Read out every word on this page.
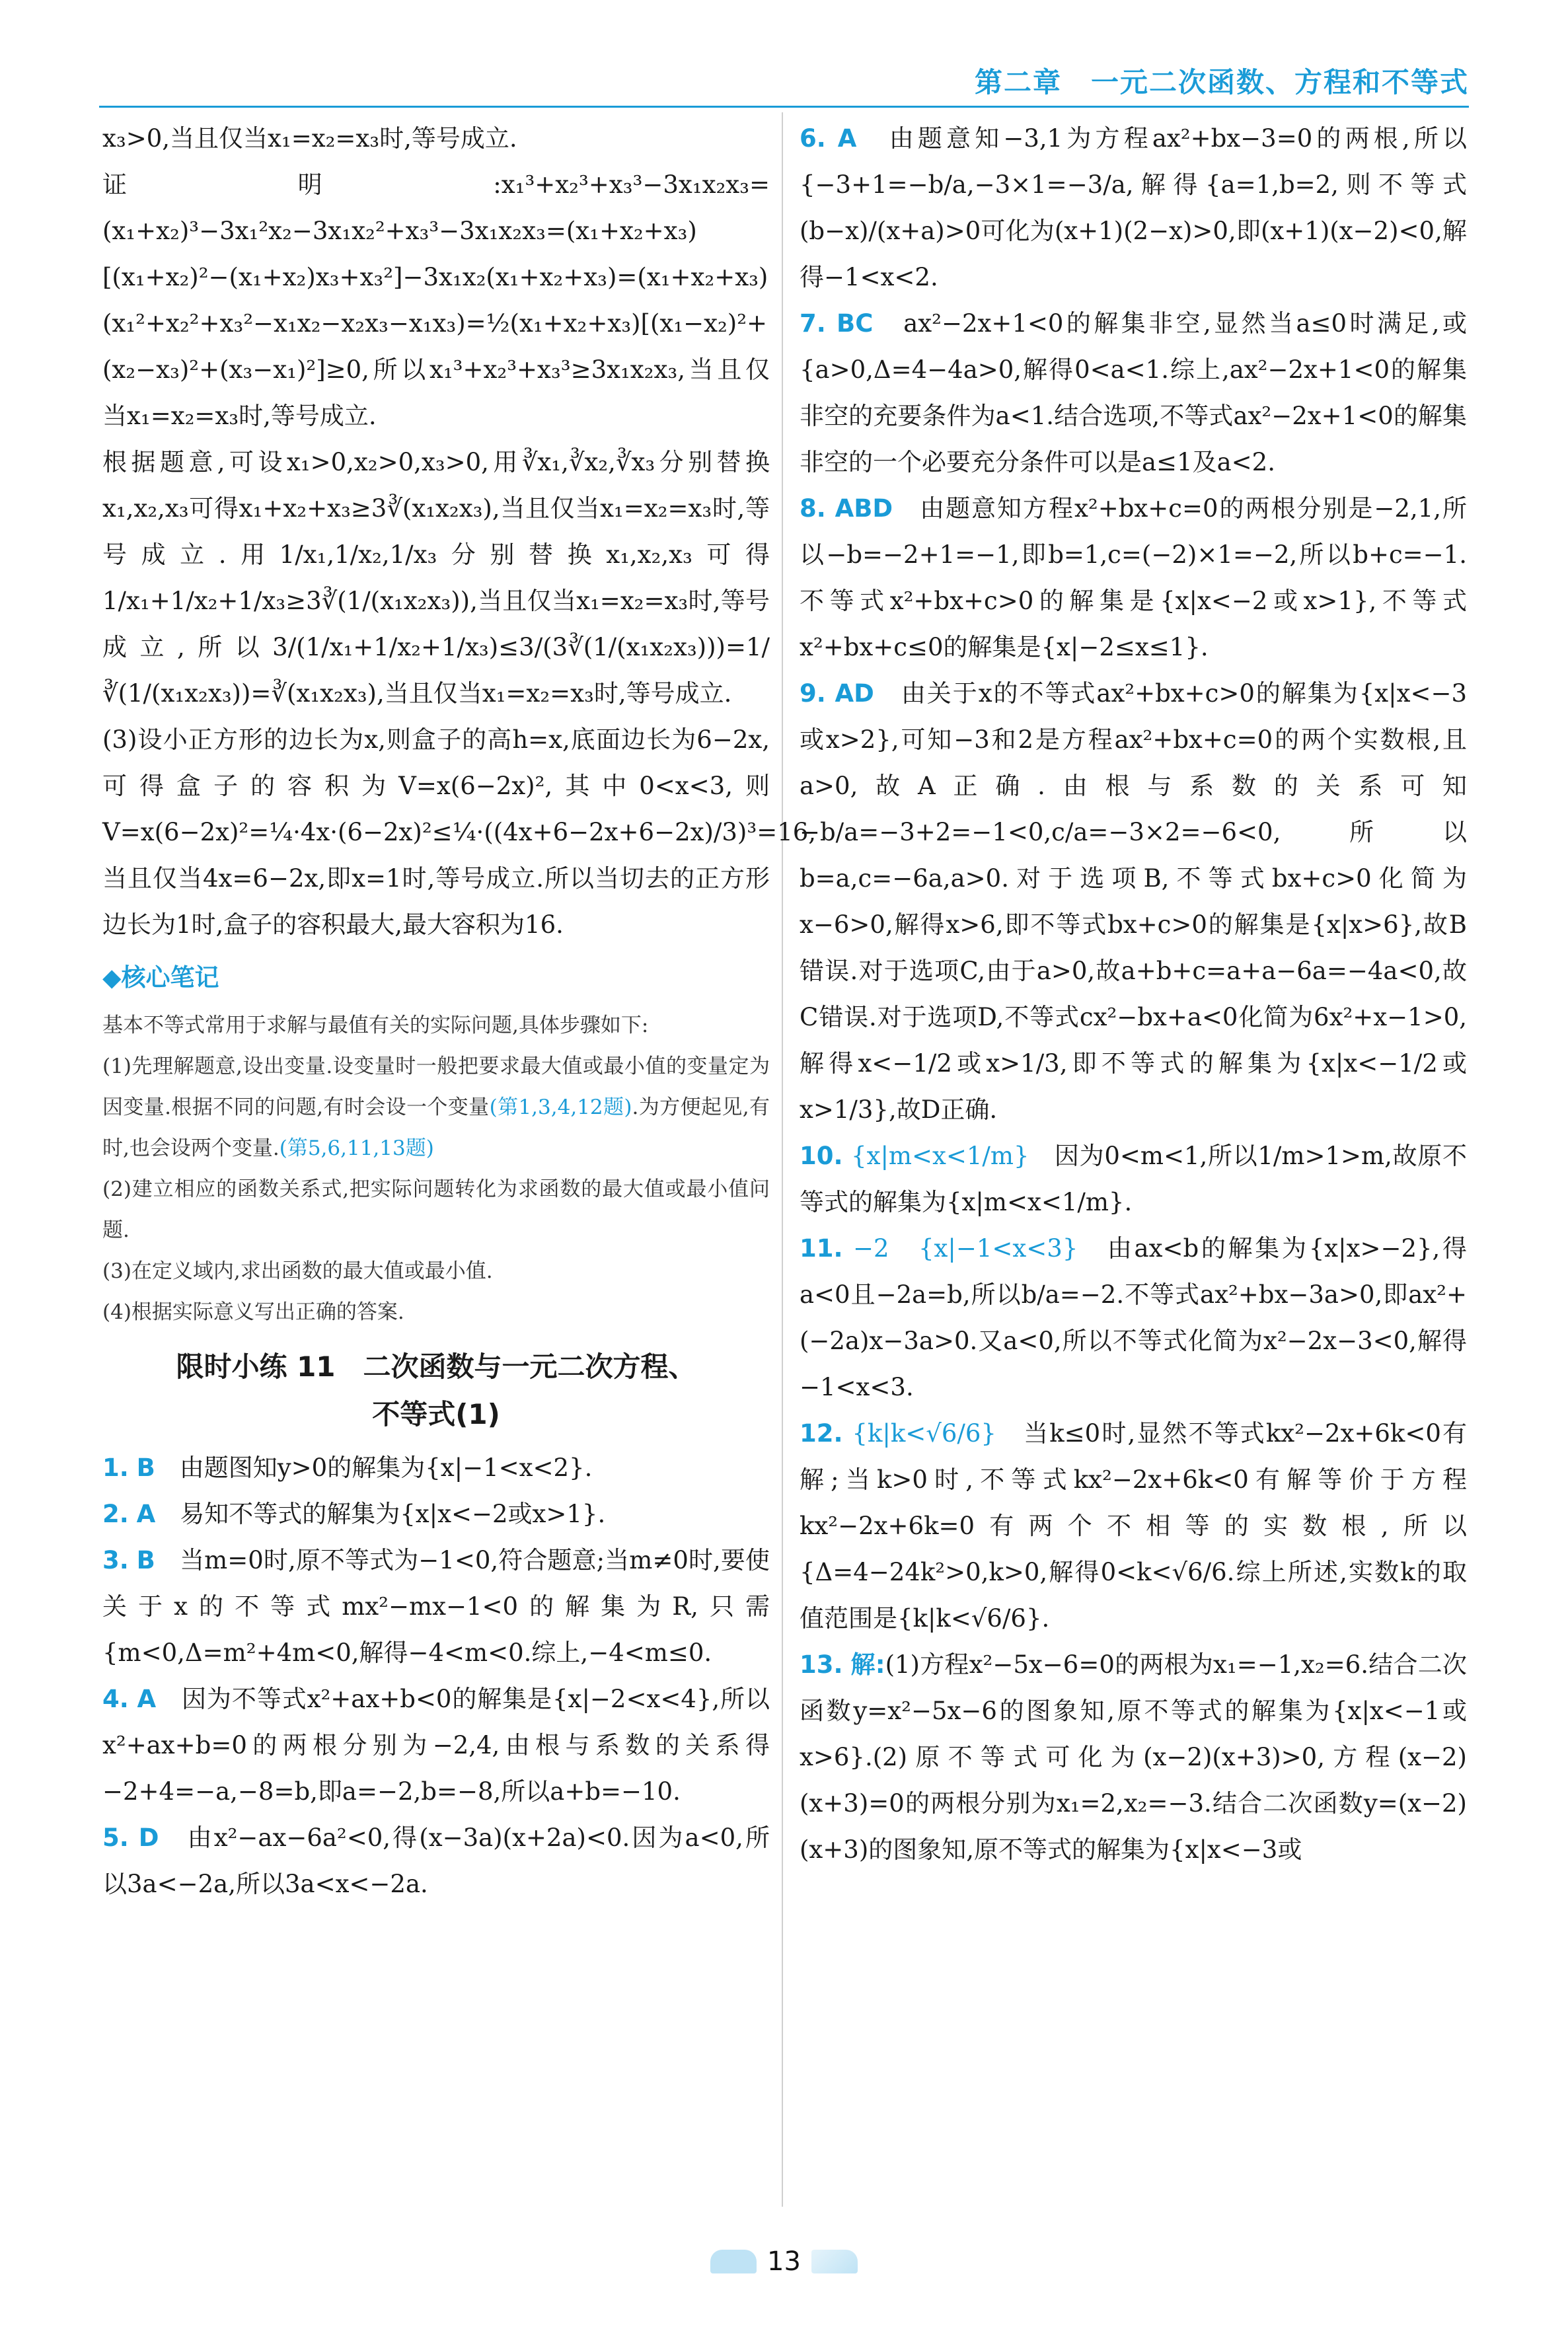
第二章　一元二次函数、方程和不等式

x₃>0,当且仅当x₁=x₂=x₃时,等号成立.

证明:x₁³+x₂³+x₃³−3x₁x₂x₃=(x₁+x₂)³−3x₁²x₂−3x₁x₂²+x₃³−3x₁x₂x₃=(x₁+x₂+x₃)[(x₁+x₂)²−(x₁+x₂)x₃+x₃²]−3x₁x₂(x₁+x₂+x₃)=(x₁+x₂+x₃)(x₁²+x₂²+x₃²−x₁x₂−x₂x₃−x₁x₃)=½(x₁+x₂+x₃)[(x₁−x₂)²+(x₂−x₃)²+(x₃−x₁)²]≥0,所以x₁³+x₂³+x₃³≥3x₁x₂x₃,当且仅当x₁=x₂=x₃时,等号成立.

根据题意,可设x₁>0,x₂>0,x₃>0,用∛x₁,∛x₂,∛x₃分别替换x₁,x₂,x₃可得x₁+x₂+x₃≥3∛(x₁x₂x₃),当且仅当x₁=x₂=x₃时,等号成立.用1/x₁,1/x₂,1/x₃分别替换x₁,x₂,x₃可得1/x₁+1/x₂+1/x₃≥3∛(1/(x₁x₂x₃)),当且仅当x₁=x₂=x₃时,等号成立,所以3/(1/x₁+1/x₂+1/x₃)≤3/(3∛(1/(x₁x₂x₃)))=1/∛(1/(x₁x₂x₃))=∛(x₁x₂x₃),当且仅当x₁=x₂=x₃时,等号成立.

(3)设小正方形的边长为x,则盒子的高h=x,底面边长为6−2x,可得盒子的容积为V=x(6−2x)²,其中0<x<3,则V=x(6−2x)²=¼·4x·(6−2x)²≤¼·((4x+6−2x+6−2x)/3)³=16,当且仅当4x=6−2x,即x=1时,等号成立.所以当切去的正方形边长为1时,盒子的容积最大,最大容积为16.

◆核心笔记

基本不等式常用于求解与最值有关的实际问题,具体步骤如下:

(1)先理解题意,设出变量.设变量时一般把要求最大值或最小值的变量定为因变量.根据不同的问题,有时会设一个变量(第1,3,4,12题).为方便起见,有时,也会设两个变量.(第5,6,11,13题)

(2)建立相应的函数关系式,把实际问题转化为求函数的最大值或最小值问题.

(3)在定义域内,求出函数的最大值或最小值.

(4)根据实际意义写出正确的答案.

限时小练 11　二次函数与一元二次方程、
不等式(1)

1. B　 由题图知y>0的解集为{x|−1<x<2}.

2. A　 易知不等式的解集为{x|x<−2或x>1}.

3. B　 当m=0时,原不等式为−1<0,符合题意;当m≠0时,要使关于x的不等式mx²−mx−1<0的解集为R,只需{m<0,Δ=m²+4m<0,解得−4<m<0.综上,−4<m≤0.

4. A　 因为不等式x²+ax+b<0的解集是{x|−2<x<4},所以x²+ax+b=0的两根分别为−2,4,由根与系数的关系得−2+4=−a,−8=b,即a=−2,b=−8,所以a+b=−10.

5. D　 由x²−ax−6a²<0,得(x−3a)(x+2a)<0.因为a<0,所以3a<−2a,所以3a<x<−2a.

6. A　 由题意知−3,1为方程ax²+bx−3=0的两根,所以{−3+1=−b/a,−3×1=−3/a,解得{a=1,b=2,则不等式(b−x)/(x+a)>0可化为(x+1)(2−x)>0,即(x+1)(x−2)<0,解得−1<x<2.

7. BC　 ax²−2x+1<0的解集非空,显然当a≤0时满足,或{a>0,Δ=4−4a>0,解得0<a<1.综上,ax²−2x+1<0的解集非空的充要条件为a<1.结合选项,不等式ax²−2x+1<0的解集非空的一个必要充分条件可以是a≤1及a<2.

8. ABD　 由题意知方程x²+bx+c=0的两根分别是−2,1,所以−b=−2+1=−1,即b=1,c=(−2)×1=−2,所以b+c=−1.不等式x²+bx+c>0的解集是{x|x<−2或x>1},不等式x²+bx+c≤0的解集是{x|−2≤x≤1}.

9. AD　 由关于x的不等式ax²+bx+c>0的解集为{x|x<−3或x>2},可知−3和2是方程ax²+bx+c=0的两个实数根,且a>0,故A正确.由根与系数的关系可知−b/a=−3+2=−1<0,c/a=−3×2=−6<0,所以b=a,c=−6a,a>0.对于选项B,不等式bx+c>0化简为x−6>0,解得x>6,即不等式bx+c>0的解集是{x|x>6},故B错误.对于选项C,由于a>0,故a+b+c=a+a−6a=−4a<0,故C错误.对于选项D,不等式cx²−bx+a<0化简为6x²+x−1>0,解得x<−1/2或x>1/3,即不等式的解集为{x|x<−1/2或x>1/3},故D正确.

10. {x|m<x<1/m}　 因为0<m<1,所以1/m>1>m,故原不等式的解集为{x|m<x<1/m}.

11. −2　{x|−1<x<3}　 由ax<b的解集为{x|x>−2},得a<0且−2a=b,所以b/a=−2.不等式ax²+bx−3a>0,即ax²+(−2a)x−3a>0.又a<0,所以不等式化简为x²−2x−3<0,解得−1<x<3.

12. {k|k<√6/6}　 当k≤0时,显然不等式kx²−2x+6k<0有解;当k>0时,不等式kx²−2x+6k<0有解等价于方程kx²−2x+6k=0有两个不相等的实数根,所以{Δ=4−24k²>0,k>0,解得0<k<√6/6.综上所述,实数k的取值范围是{k|k<√6/6}.

13. 解:(1)方程x²−5x−6=0的两根为x₁=−1,x₂=6.结合二次函数y=x²−5x−6的图象知,原不等式的解集为{x|x<−1或x>6}.(2)原不等式可化为(x−2)(x+3)>0,方程(x−2)(x+3)=0的两根分别为x₁=2,x₂=−3.结合二次函数y=(x−2)(x+3)的图象知,原不等式的解集为{x|x<−3或

13
